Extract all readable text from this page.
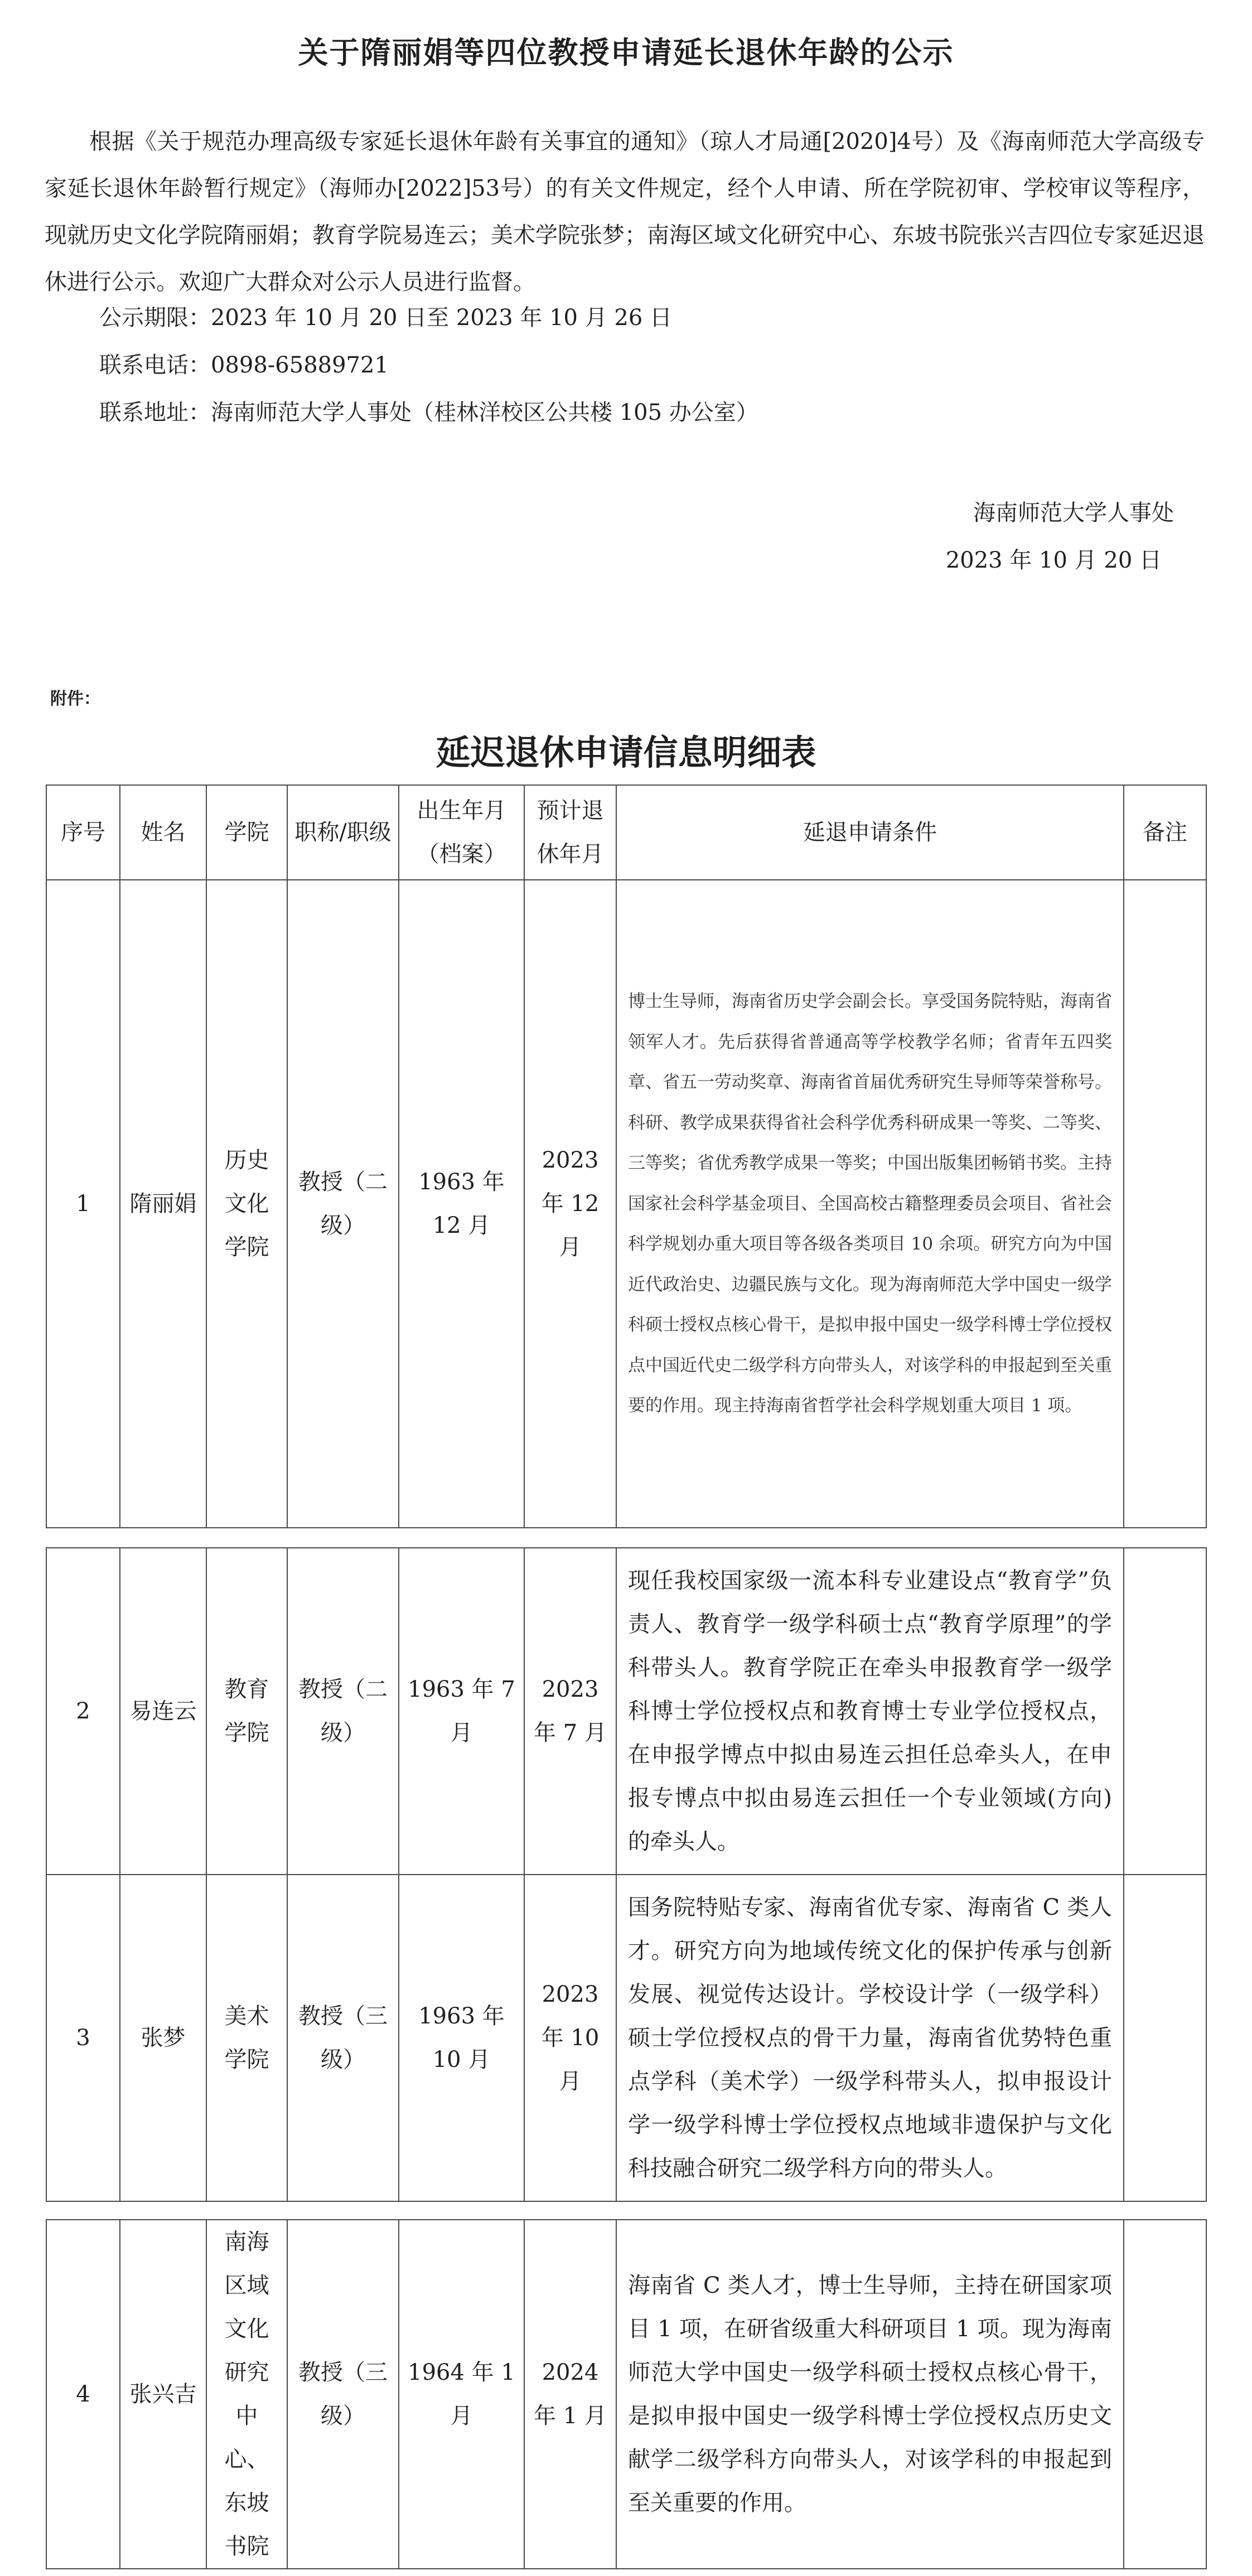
关于隋丽娟等四位教授申请延长退休年龄的公示
根据《关于规范办理高级专家延长退休年龄有关事宜的通知》（琼人才局通[2020]4号）及《海南师范大学高级专家延长退休年龄暂行规定》（海师办[2022]53号）的有关文件规定，经个人申请、所在学院初审、学校审议等程序，现就历史文化学院隋丽娟；教育学院易连云；美术学院张梦；南海区域文化研究中心、东坡书院张兴吉四位专家延迟退休进行公示。欢迎广大群众对公示人员进行监督。
公示期限：2023 年 10 月 20 日至 2023 年 10 月 26 日
联系电话：0898-65889721
联系地址：海南师范大学人事处（桂林洋校区公共楼 105 办公室）
海南师范大学人事处
2023 年 10 月 20 日
附件：
延迟退休申请信息明细表
序号	姓名	学院	职称/职级	出生年月（档案）	预计退休年月	延退申请条件	备注
1	隋丽娟	历史文化学院	教授（二级）	1963 年 12 月	2023 年 12 月	博士生导师，海南省历史学会副会长。享受国务院特贴，海南省领军人才。先后获得省普通高等学校教学名师；省青年五四奖章、省五一劳动奖章、海南省首届优秀研究生导师等荣誉称号。科研、教学成果获得省社会科学优秀科研成果一等奖、二等奖、三等奖；省优秀教学成果一等奖；中国出版集团畅销书奖。主持国家社会科学基金项目、全国高校古籍整理委员会项目、省社会科学规划办重大项目等各级各类项目 10 余项。研究方向为中国近代政治史、边疆民族与文化。现为海南师范大学中国史一级学科硕士授权点核心骨干，是拟申报中国史一级学科博士学位授权点中国近代史二级学科方向带头人，对该学科的申报起到至关重要的作用。现主持海南省哲学社会科学规划重大项目 1 项。	
2	易连云	教育学院	教授（二级）	1963 年 7 月	2023 年 7 月	现任我校国家级一流本科专业建设点“教育学”负责人、教育学一级学科硕士点“教育学原理”的学科带头人。教育学院正在牵头申报教育学一级学科博士学位授权点和教育博士专业学位授权点，在申报学博点中拟由易连云担任总牵头人，在申报专博点中拟由易连云担任一个专业领域(方向)的牵头人。	
3	张梦	美术学院	教授（三级）	1963 年 10 月	2023 年 10 月	国务院特贴专家、海南省优专家、海南省 C 类人才。研究方向为地域传统文化的保护传承与创新发展、视觉传达设计。学校设计学（一级学科）硕士学位授权点的骨干力量，海南省优势特色重点学科（美术学）一级学科带头人，拟申报设计学一级学科博士学位授权点地域非遗保护与文化科技融合研究二级学科方向的带头人。	
4	张兴吉	南海区域文化研究中心、东坡书院	教授（三级）	1964 年 1 月	2024 年 1 月	海南省 C 类人才，博士生导师，主持在研国家项目 1 项，在研省级重大科研项目 1 项。现为海南师范大学中国史一级学科硕士授权点核心骨干，是拟申报中国史一级学科博士学位授权点历史文献学二级学科方向带头人，对该学科的申报起到至关重要的作用。	
